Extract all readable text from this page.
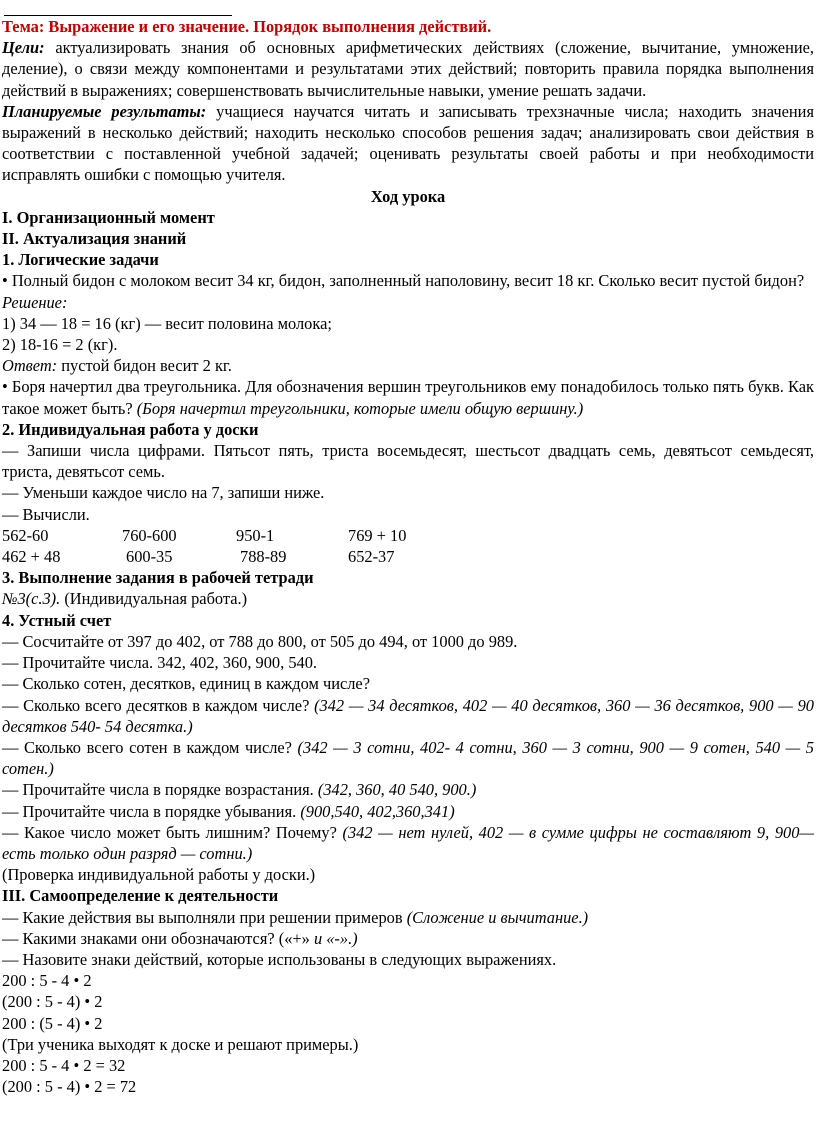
Тема: Выражение и его значение. Порядок выполнения действий.

Цели: актуализировать знания об основных арифметических действиях (сложение, вычитание, умножение, деление), о связи между компонентами и результатами этих действий; повторить правила порядка выполнения действий в выражениях; совершенствовать вычислительные навыки, умение решать задачи.

Планируемые результаты: учащиеся научатся читать и записывать трехзначные числа; находить значения выражений в несколько действий; находить несколько способов решения задач; анализировать свои действия в соответствии с поставленной учебной задачей; оценивать результаты своей работы и при необходимости исправлять ошибки с помощью учителя.

Ход урока

I. Организационный момент

II. Актуализация знаний

1. Логические задачи

• Полный бидон с молоком весит 34 кг, бидон, заполненный наполовину, весит 18 кг. Сколько весит пустой бидон?

Решение:

1) 34 — 18 = 16 (кг) — весит половина молока;

2) 18-16 = 2 (кг).

Ответ: пустой бидон весит 2 кг.

• Боря начертил два треугольника. Для обозначения вершин треугольников ему понадобилось только пять букв. Как такое может быть? (Боря начертил треугольники, которые имели общую вершину.)

2. Индивидуальная работа у доски

— Запиши числа цифрами. Пятьсот пять, триста восемьдесят, шестьсот двадцать семь, девятьсот семьдесят, триста, девятьсот семь.

— Уменьши каждое число на 7, запиши ниже.

— Вычисли.

562-60	760-600	950-1	769 + 10
462 + 48	600-35	788-89	652-37

3. Выполнение задания в рабочей тетради

№3(с.3). (Индивидуальная работа.)

4. Устный счет

— Сосчитайте от 397 до 402, от 788 до 800, от 505 до 494, от 1000 до 989.

— Прочитайте числа. 342, 402, 360, 900, 540.

— Сколько сотен, десятков, единиц в каждом числе?

— Сколько всего десятков в каждом числе? (342 — 34 десятков, 402 — 40 десятков, 360 — 36 десятков, 900 — 90 десятков 540- 54 десятка.)

— Сколько всего сотен в каждом числе? (342 — 3 сотни, 402- 4 сотни, 360 — 3 сотни, 900 — 9 сотен, 540 — 5 сотен.)

— Прочитайте числа в порядке возрастания. (342, 360, 40 540, 900.)

— Прочитайте числа в порядке убывания. (900,540, 402,360,341)

— Какое число может быть лишним? Почему? (342 — нет нулей, 402 — в сумме цифры не составляют 9, 900— есть только один разряд — сотни.)

(Проверка индивидуальной работы у доски.)

III. Самоопределение к деятельности

— Какие действия вы выполняли при решении примеров (Сложение и вычитание.)

— Какими знаками они обозначаются? («+» и «-».)

— Назовите знаки действий, которые использованы в следующих выражениях.

200 : 5 - 4 • 2

(200 : 5 - 4) • 2

200 : (5 - 4) • 2

(Три ученика выходят к доске и решают примеры.)

200 : 5 - 4 • 2 = 32

(200 : 5 - 4) • 2 = 72
